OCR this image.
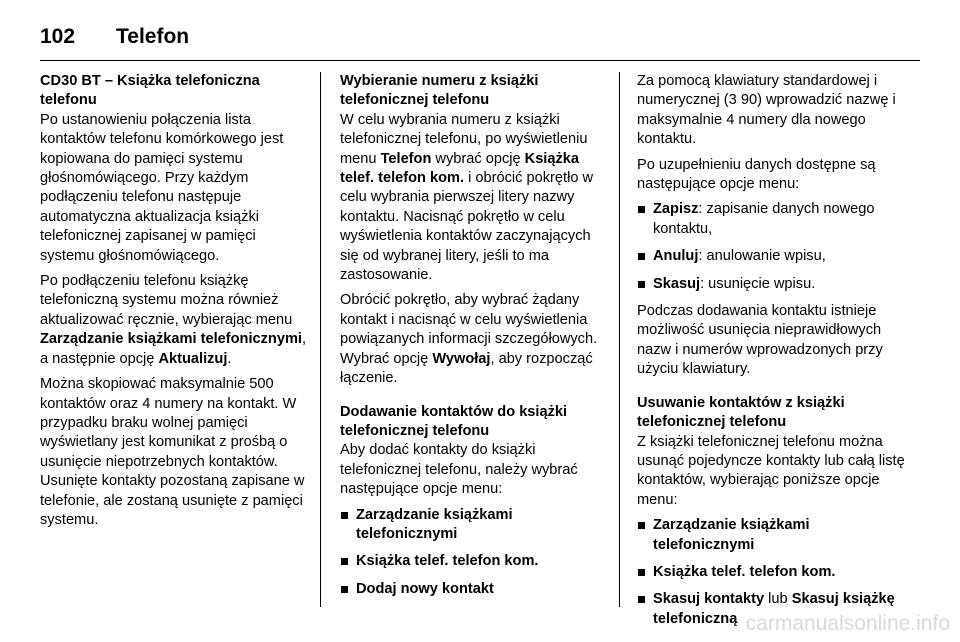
102	Telefon
CD30 BT – Książka telefoniczna telefonu

Po ustanowieniu połączenia lista kontaktów telefonu komórkowego jest kopiowana do pamięci systemu głośnomówiącego. Przy każdym podłączeniu telefonu następuje automatyczna aktualizacja książki telefonicznej zapisanej w pamięci systemu głośnomówiącego.

Po podłączeniu telefonu książkę telefoniczną systemu można również aktualizować ręcznie, wybierając menu Zarządzanie książkami telefonicznymi, a następnie opcję Aktualizuj.

Można skopiować maksymalnie 500 kontaktów oraz 4 numery na kontakt. W przypadku braku wolnej pamięci wyświetlany jest komunikat z prośbą o usunięcie niepotrzebnych kontaktów. Usunięte kontakty pozostaną zapisane w telefonie, ale zostaną usunięte z pamięci systemu.

Wybieranie numeru z książki telefonicznej telefonu

W celu wybrania numeru z książki telefonicznej telefonu, po wyświetleniu menu Telefon wybrać opcję Książka telef. telefon kom. i obrócić pokrętło w celu wybrania pierwszej litery nazwy kontaktu. Nacisnąć pokrętło w celu wyświetlenia kontaktów zaczynających się od wybranej litery, jeśli to ma zastosowanie.

Obrócić pokrętło, aby wybrać żądany kontakt i nacisnąć w celu wyświetlenia powiązanych informacji szczegółowych. Wybrać opcję Wywołaj, aby rozpocząć łączenie.

Dodawanie kontaktów do książki telefonicznej telefonu

Aby dodać kontakty do książki telefonicznej telefonu, należy wybrać następujące opcje menu:

Zarządzanie książkami telefonicznymi
Książka telef. telefon kom.
Dodaj nowy kontakt

Za pomocą klawiatury standardowej i numerycznej (3 90) wprowadzić nazwę i maksymalnie 4 numery dla nowego kontaktu.

Po uzupełnieniu danych dostępne są następujące opcje menu:

Zapisz: zapisanie danych nowego kontaktu,
Anuluj: anulowanie wpisu,
Skasuj: usunięcie wpisu.

Podczas dodawania kontaktu istnieje możliwość usunięcia nieprawidłowych nazw i numerów wprowadzonych przy użyciu klawiatury.

Usuwanie kontaktów z książki telefonicznej telefonu

Z książki telefonicznej telefonu można usunąć pojedyncze kontakty lub całą listę kontaktów, wybierając poniższe opcje menu:

Zarządzanie książkami telefonicznymi
Książka telef. telefon kom.
Skasuj kontakty lub Skasuj książkę telefoniczną carmanualsonline.info
